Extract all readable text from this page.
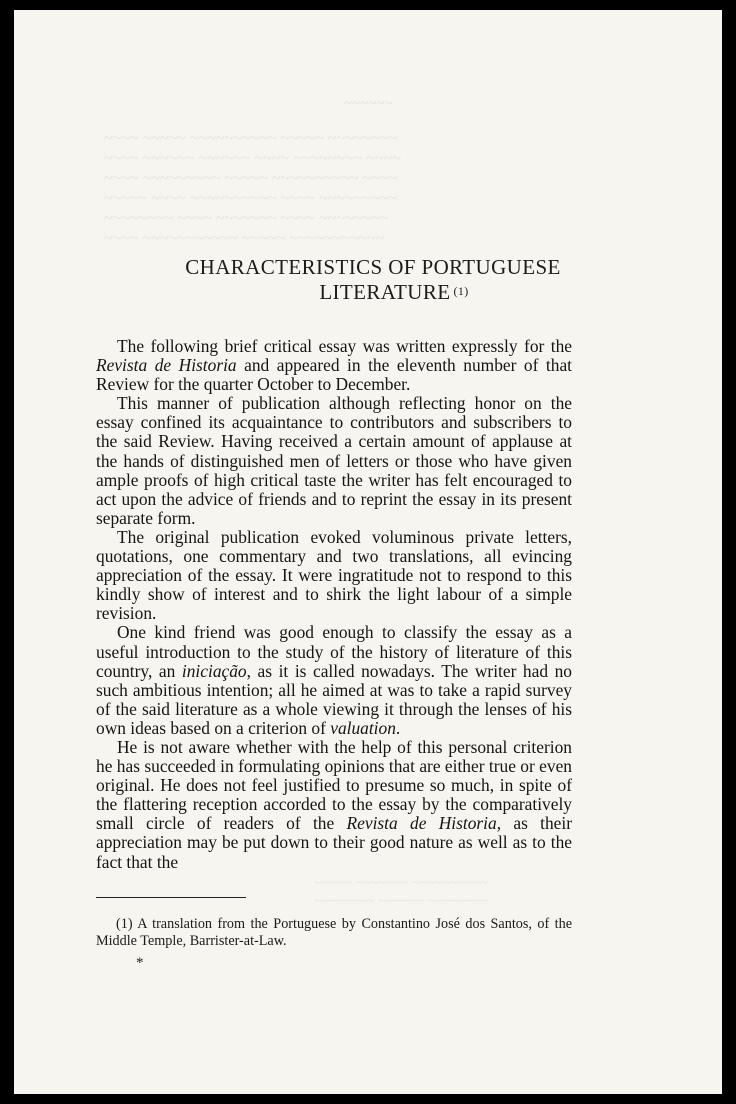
~~~~~~
~~~~ ~~~~~ ~~~~~~~~~~ ~~~~~ ~~~~~~~~
~~~~ ~~~~~~ ~~~~~~ ~~~~ ~~~~~~~~ ~~~~
~~~~ ~~~~~~~~~ ~~~~~ ~~~~~~~~~~ ~~~~
~~~~~ ~~~~ ~~~~~~~~~~ ~~~~ ~~~~~~~~~
~~~~~~~~ ~~~~ ~~~~~~~ ~~~~ ~~~~~~~~
~~~~ ~~~~~~~~~~~ ~~~~~ ~~~~~~~~~~~
CHARACTERISTICS OF PORTUGUESE
LITERATURE $^{(1)}$

The following brief critical essay was written expressly for the Revista de Historia and appeared in the eleventh number of that Review for the quarter October to December.

This manner of publication although reflecting honor on the essay confined its acquaintance to contributors and subscribers to the said Review. Having received a certain amount of applause at the hands of distinguished men of letters or those who have given ample proofs of high critical taste the writer has felt encouraged to act upon the advice of friends and to reprint the essay in its present separate form.

The original publication evoked voluminous private letters, quotations, one commentary and two translations, all evincing appreciation of the essay. It were ingratitude not to respond to this kindly show of interest and to shirk the light labour of a simple revision.

One kind friend was good enough to classify the essay as a useful introduction to the study of the history of literature of this country, an iniciação, as it is called nowadays. The writer had no such ambitious intention; all he aimed at was to take a rapid survey of the said literature as a whole viewing it through the lenses of his own ideas based on a criterion of valuation.

He is not aware whether with the help of this personal criterion he has succeeded in formulating opinions that are either true or even original. He does not feel justified to presume so much, in spite of the flattering reception accorded to the essay by the comparatively small circle of readers of the Revista de Historia, as their appreciation may be put down to their good nature as well as to the fact that the

~~~~~ ~~~~~~~ ~~~~~~~~~~
~~~~~~~~ ~~~~~~ ~~~~~~~~

(1) A translation from the Portuguese by Constantino José dos Santos, of the Middle Temple, Barrister-at-Law.

*
